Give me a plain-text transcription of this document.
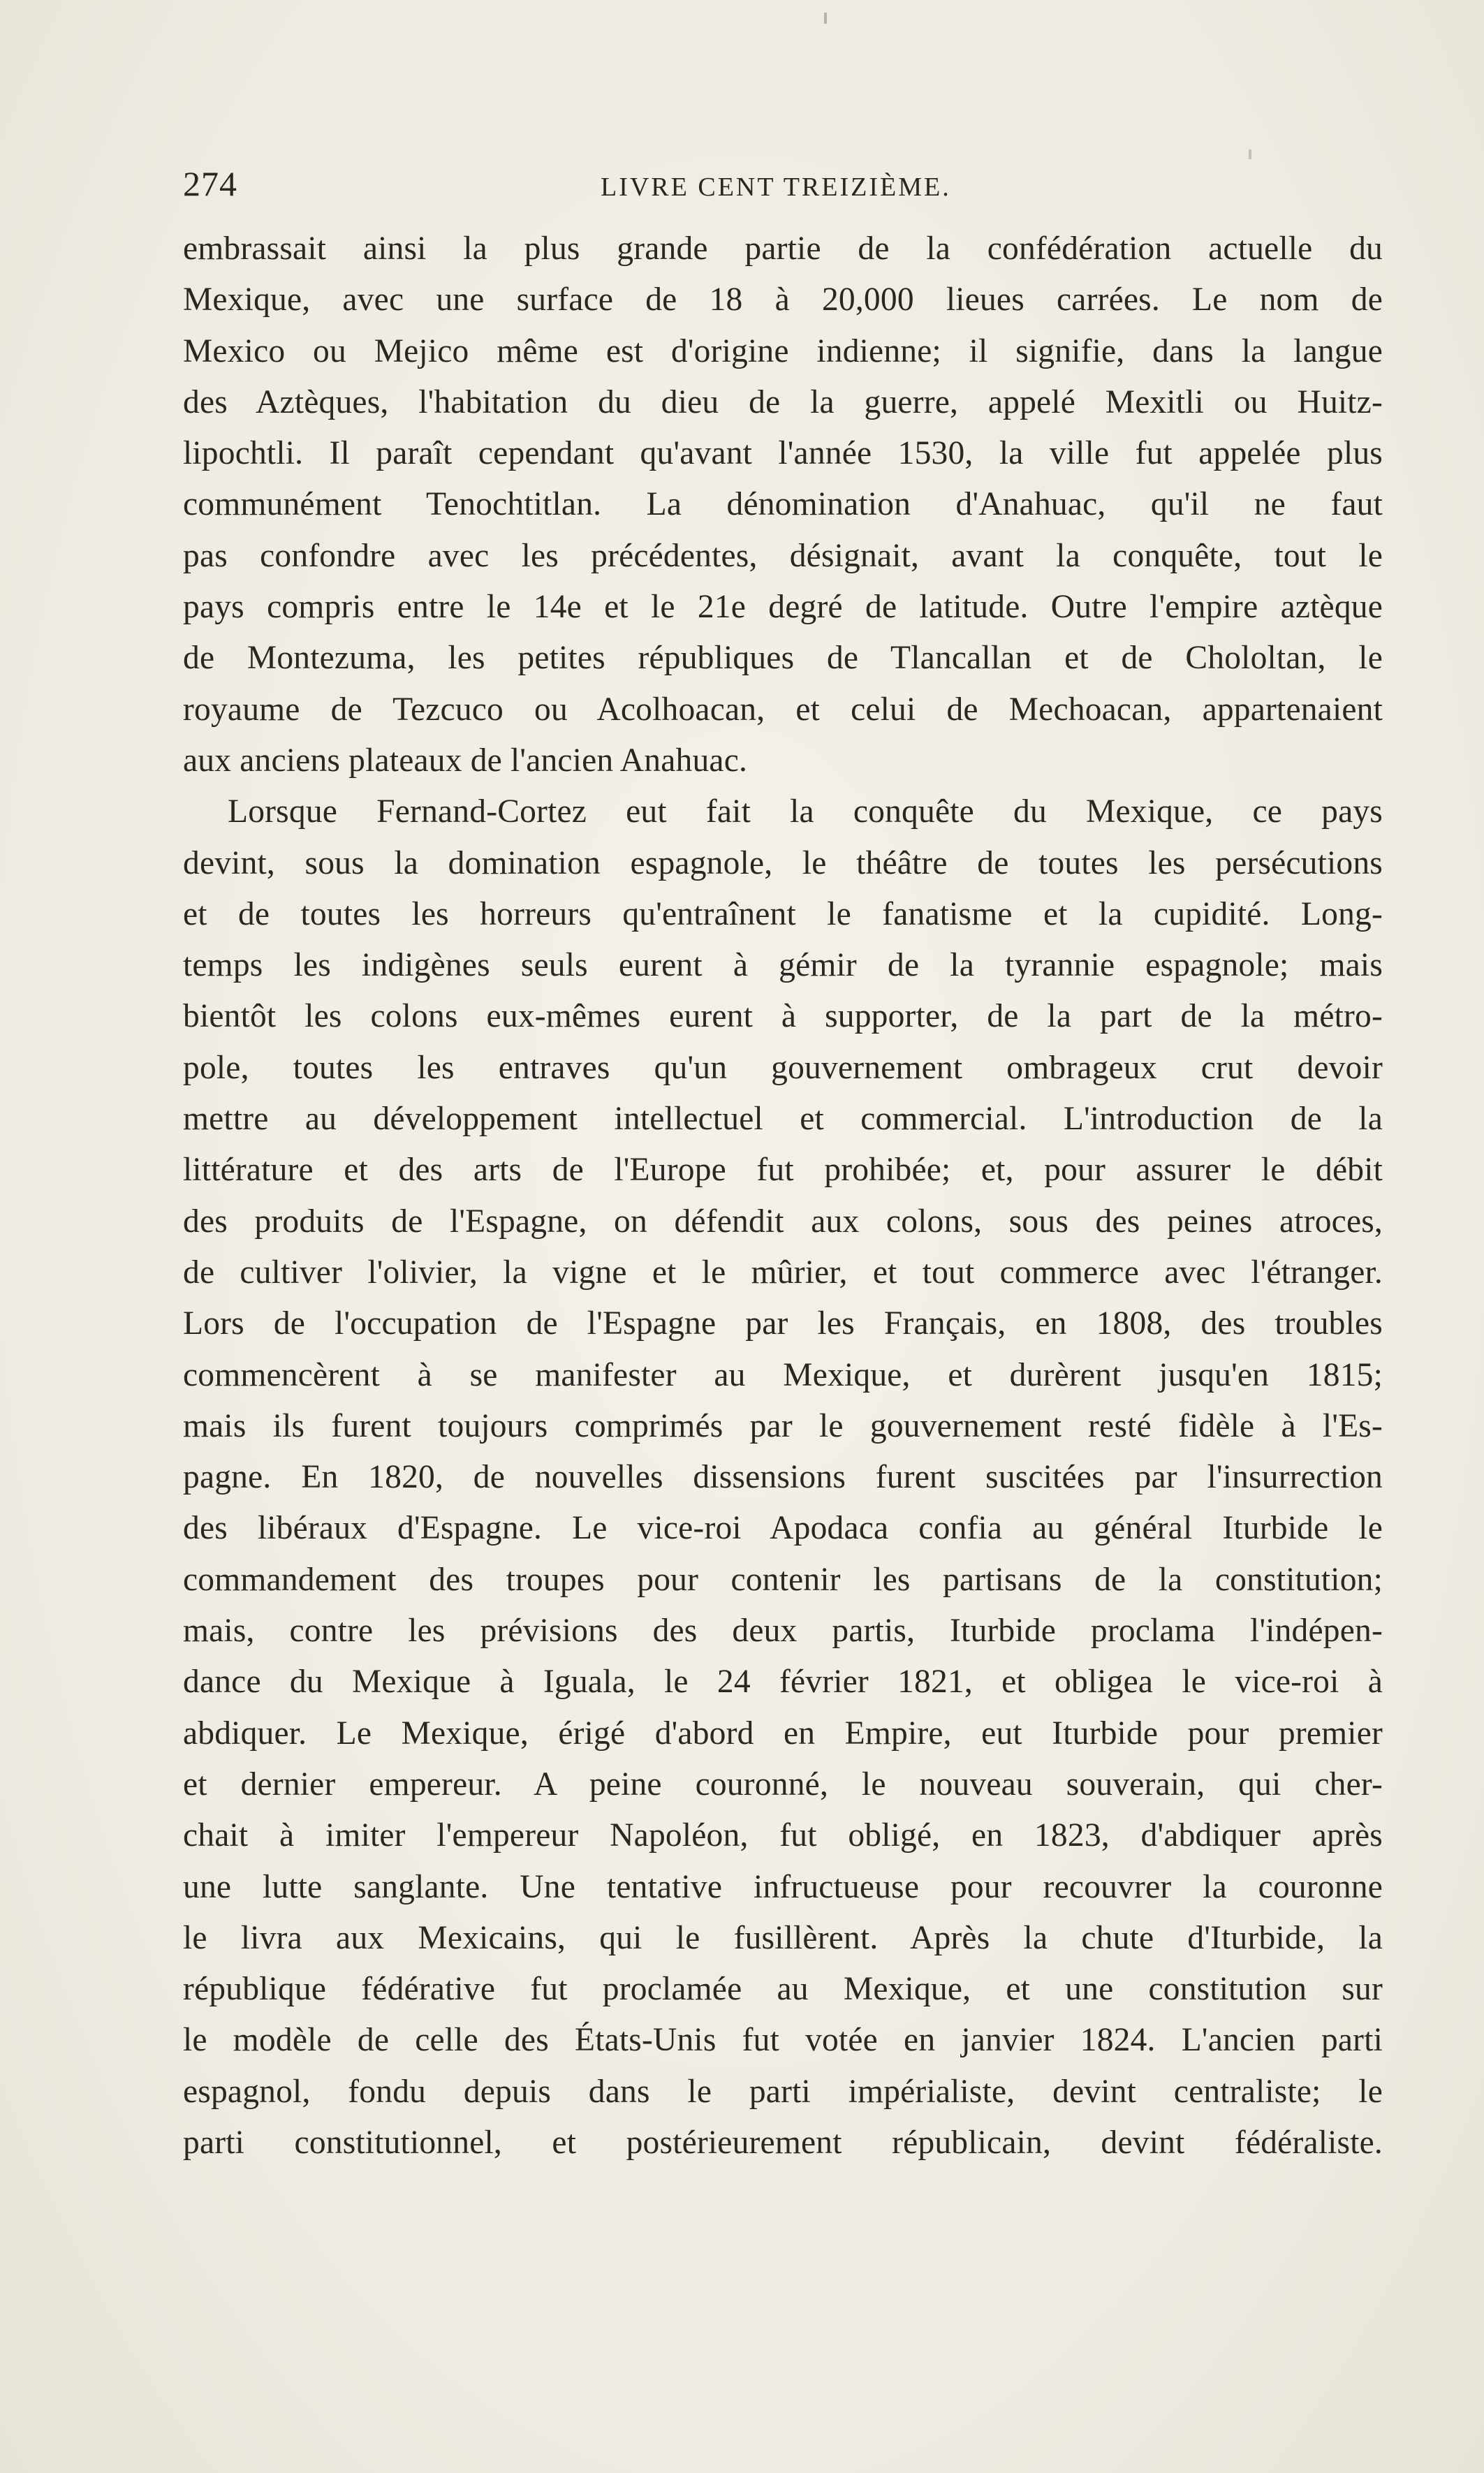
274	LIVRE CENT TREIZIÈME.
embrassait ainsi la plus grande partie de la confédération actuelle du
Mexique, avec une surface de 18 à 20,000 lieues carrées. Le nom de
Mexico ou Mejico même est d'origine indienne; il signifie, dans la langue
des Aztèques, l'habitation du dieu de la guerre, appelé Mexitli ou Huitz-
lipochtli. Il paraît cependant qu'avant l'année 1530, la ville fut appelée plus
communément Tenochtitlan. La dénomination d'Anahuac, qu'il ne faut
pas confondre avec les précédentes, désignait, avant la conquête, tout le
pays compris entre le 14e et le 21e degré de latitude. Outre l'empire aztèque
de Montezuma, les petites républiques de Tlancallan et de Chololtan, le
royaume de Tezcuco ou Acolhoacan, et celui de Mechoacan, appartenaient
aux anciens plateaux de l'ancien Anahuac.
Lorsque Fernand-Cortez eut fait la conquête du Mexique, ce pays
devint, sous la domination espagnole, le théâtre de toutes les persécutions
et de toutes les horreurs qu'entraînent le fanatisme et la cupidité. Long-
temps les indigènes seuls eurent à gémir de la tyrannie espagnole; mais
bientôt les colons eux-mêmes eurent à supporter, de la part de la métro-
pole, toutes les entraves qu'un gouvernement ombrageux crut devoir
mettre au développement intellectuel et commercial. L'introduction de la
littérature et des arts de l'Europe fut prohibée; et, pour assurer le débit
des produits de l'Espagne, on défendit aux colons, sous des peines atroces,
de cultiver l'olivier, la vigne et le mûrier, et tout commerce avec l'étranger.
Lors de l'occupation de l'Espagne par les Français, en 1808, des troubles
commencèrent à se manifester au Mexique, et durèrent jusqu'en 1815;
mais ils furent toujours comprimés par le gouvernement resté fidèle à l'Es-
pagne. En 1820, de nouvelles dissensions furent suscitées par l'insurrection
des libéraux d'Espagne. Le vice-roi Apodaca confia au général Iturbide le
commandement des troupes pour contenir les partisans de la constitution;
mais, contre les prévisions des deux partis, Iturbide proclama l'indépen-
dance du Mexique à Iguala, le 24 février 1821, et obligea le vice-roi à
abdiquer. Le Mexique, érigé d'abord en Empire, eut Iturbide pour premier
et dernier empereur. A peine couronné, le nouveau souverain, qui cher-
chait à imiter l'empereur Napoléon, fut obligé, en 1823, d'abdiquer après
une lutte sanglante. Une tentative infructueuse pour recouvrer la couronne
le livra aux Mexicains, qui le fusillèrent. Après la chute d'Iturbide, la
république fédérative fut proclamée au Mexique, et une constitution sur
le modèle de celle des États-Unis fut votée en janvier 1824. L'ancien parti
espagnol, fondu depuis dans le parti impérialiste, devint centraliste; le
parti constitutionnel, et postérieurement républicain, devint fédéraliste.
